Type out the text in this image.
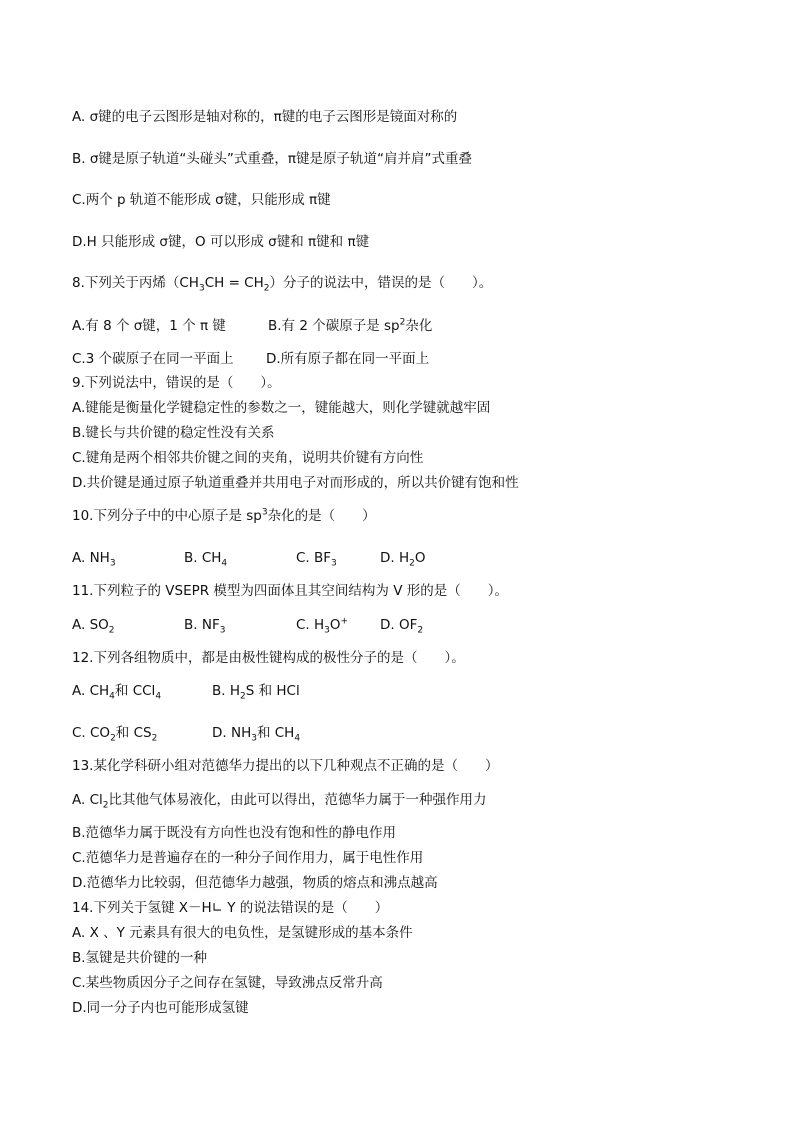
A. σ键的电子云图形是轴对称的，π键的电子云图形是镜面对称的
B. σ键是原子轨道“头碰头”式重叠，π键是原子轨道“肩并肩”式重叠
C.两个 p 轨道不能形成 σ键，只能形成 π键
D.H 只能形成 σ键，O 可以形成 σ键和 π键和 π键
8.下列关于丙烯$(CH_3CH = CH_2)$分子的说法中，错误的是（　　）。
A.有 8 个 σ键，1 个 π 键	B.有 2 个碳原子是 $sp^2$杂化
C.3 个碳原子在同一平面上 D.所有原子都在同一平面上
9.下列说法中，错误的是（　　）。
A.键能是衡量化学键稳定性的参数之一，键能越大，则化学键就越牢固
B.键长与共价键的稳定性没有关系
C.键角是两个相邻共价键之间的夹角，说明共价键有方向性
D.共价键是通过原子轨道重叠并共用电子对而形成的，所以共价键有饱和性
10.下列分子中的中心原子是 $sp^3$杂化的是（　　）
A. $NH_3$	B. $CH_4$	C. $BF_3$	D. $H_2O$
11.下列粒子的 VSEPR 模型为四面体且其空间结构为 V 形的是（　　）。
A. $SO_2$	B. $NF_3$	C. $H_3O^+$ D. $OF_2$
12.下列各组物质中，都是由极性键构成的极性分子的是（　　）。
A. $CH_4$和 CCl$_4$	B. $H_2S$ 和 HCl
C. $CO_2$和 $CS_2$	D. $NH_3$和 $CH_4$
13.某化学科研小组对范德华力提出的以下几种观点不正确的是（　　）
A. $Cl_2$比其他气体易液化，由此可以得出，范德华力属于一种强作用力
B.范德华力属于既没有方向性也没有饱和性的静电作用
C.范德华力是普遍存在的一种分子间作用力，属于电性作用
D.范德华力比较弱，但范德华力越强，物质的熔点和沸点越高
14.下列关于氢键 X－H∟ Y 的说法错误的是（　　）
A. X 、Y 元素具有很大的电负性，是氢键形成的基本条件
B.氢键是共价键的一种
C.某些物质因分子之间存在氢键，导致沸点反常升高
D.同一分子内也可能形成氢键
